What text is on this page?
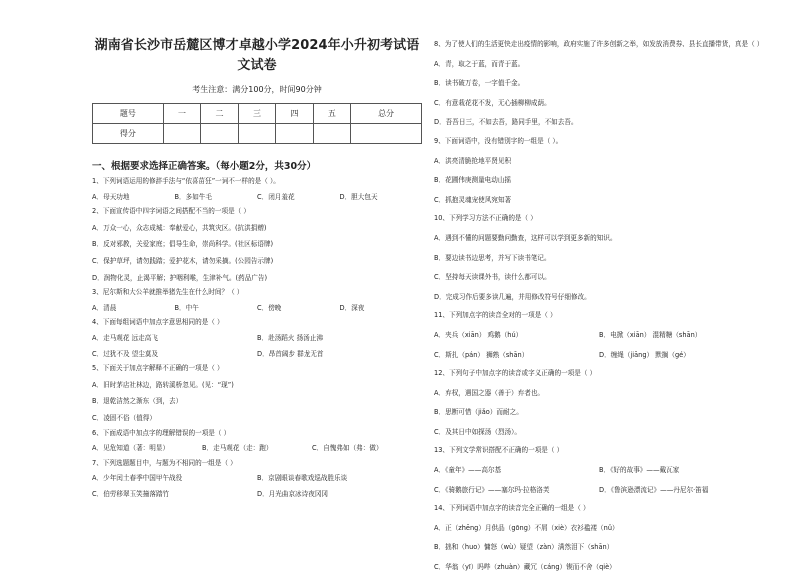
湖南省长沙市岳麓区博才卓越小学2024年小升初考试语文试卷
考生注意：满分100分，时间90分钟
题号	一	二	三	四	五	总分
得分						
一、根据要求选择正确答案。（每小题2分，共30分）
1、下列词语运用的修辞手法与“依喜苗狂”一词不一样的是（ ）。
A．母天功地	B．多如牛毛	C．闭月羞花	D．胆大包天
2、下面宣传语中四字词语之间搭配不当的一项是（ ）
A．万众一心，众志成城：奉献爱心，共筑灾区。(抗洪捐赠)
B．反对邪教，关爱家庭；倡导生命，崇尚科学。(社区标语牌)
C．保护草坪，请勿践踏；爱护花木，请勿采摘。(公园告示牌)
D．润物化灵，止渴平解；护咽利喉，生津补气。(药品广告)
3、尼尔斯和大公羊就推举猪先生在什么时间？（ ）
A．清晨	B．中午	C．傍晚	D．深夜
4、下面每组词语中加点字意思相同的是（ ）
A．走马观花 远走高飞	B．赴汤蹈火 扬汤止沸
C．过犹不及 望尘莫及	D．昂首阔步 群龙无首
5、下面关于加点字解释不正确的一项是（ ）
A．旧时茅店社林边，路转溪桥忽见。(见：“现”)
B．退乾洁然之渐东（到，去）
C．凌固不俗（值得）
6、下面成语中加点字的理解错误的一项是（ ）
A．见危知道（著：明显）	B．走马观花（走：跑）	C．自愧弗如（弗：做）
7、下列选题题目中，与题为不相同的一组是（ ）
A．少年闰土春季中国甲午战役	B．京剧眼谈春歌戏巡战胜乐谈
C．伯劳移翠玉笑撞落踏竹	D．月光曲京冰诗夜冈冈
8、为了使人们的生活更快走出疫情的影响，政府实施了许多创新之举，如发放消费券、县长直播带货，真是（ ）
A．青，取之于蓝，而青于蓝。
B．读书破万卷，一字值千金。
C．有意栽花花不发，无心插柳柳成荫。
D．吾吾日三，不如去吾，路同手里，不如去吾。
9、下面词语中，没有错别字的一组是（ ）。
A．洪亮清脆抢地平贤见积
B．花圃伟庚测量电动山摇
C．抓抱灵魂宠使风宛知著
10、下列学习方法不正确的是（ ）
A．遇到不懂的问题要勤问勤查，这样可以学到更多新的知识。
B．要边读书边思考，并写下读书笔记。
C．坚持每天读课外书，读什么都可以。
D．完成习作后要多读几遍，并用修改符号仔细修改。
11、下列加点字的读音全对的一项是（ ）
A．夹兵（xiān） 鸡鹅（hú）	B．电掀（xiān） 混精糖（shān）
C．斯扎（pán） 狮熟（shān）	D．缠绳（jiāng） 默搁（gé）
12、下列句子中加点字的读音或字义正确的一项是（ ）
A．弃权，遇国之器（善于）弃者也。
B．思断可惜（jiǎo）而耐之。
C．及其日中如探汤（烈汤）。
13、下列文学常识搭配不正确的一项是（ ）
A．《童年》——高尔基	B．《好的故事》——戴瓦家
C．《骑鹅旅行记》——塞尔玛·拉格洛芙	D．《鲁滨逊漂流记》——丹尼尔·笛福
14、下列词语中加点字的读音完全正确的一组是（ ）
A．正（zhēng）月供品（gōng）不屑（xiè）衣衫褴褛（nǔ）
B．拙和（huo）慵怒（wù）疑望（zàn）满然泪下（shān）
C．华翁（yī）吗哔（zhuàn）藏冗（cáng）锲而不舍（qiè）
